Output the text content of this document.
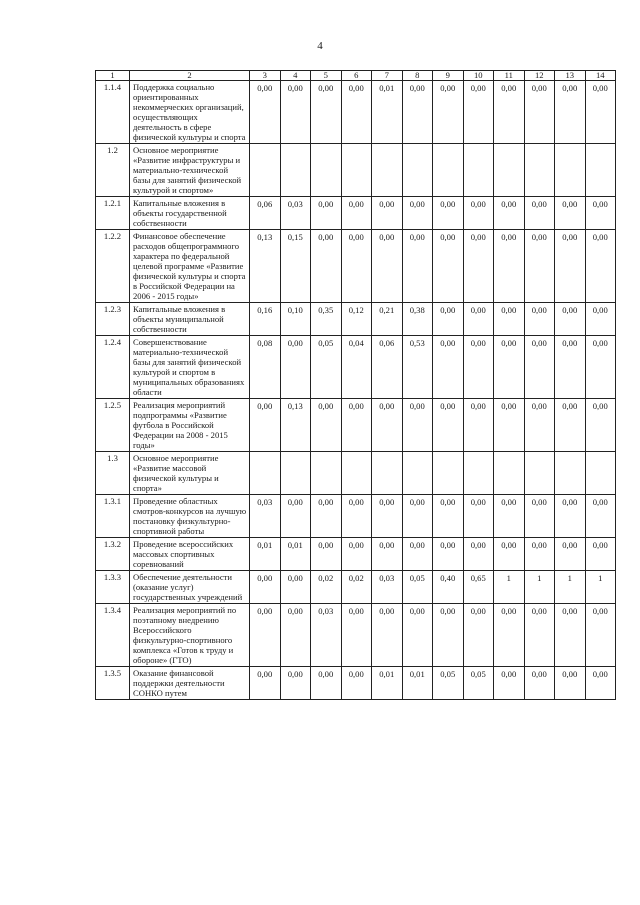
4
1	2	3	4	5	6	7	8	9	10	11	12	13	14
1.1.4	Поддержка социально ориентированных некоммерческих организаций, осуществляющих деятельность в сфере физической культуры и спорта	0,00	0,00	0,00	0,00	0,01	0,00	0,00	0,00	0,00	0,00	0,00	0,00
1.2	Основное мероприятие «Развитие инфраструктуры и материально-технической базы для занятий физической культурой и спортом»												
1.2.1	Капитальные вложения в объекты государственной собственности	0,06	0,03	0,00	0,00	0,00	0,00	0,00	0,00	0,00	0,00	0,00	0,00
1.2.2	Финансовое обеспечение расходов общепрограммного характера по федеральной целевой программе «Развитие физической культуры и спорта в Российской Федерации на 2006 - 2015 годы»	0,13	0,15	0,00	0,00	0,00	0,00	0,00	0,00	0,00	0,00	0,00	0,00
1.2.3	Капитальные вложения в объекты муниципальной собственности	0,16	0,10	0,35	0,12	0,21	0,38	0,00	0,00	0,00	0,00	0,00	0,00
1.2.4	Совершенствование материально-технической базы для занятий физической культурой и спортом в муниципальных образованиях области	0,08	0,00	0,05	0,04	0,06	0,53	0,00	0,00	0,00	0,00	0,00	0,00
1.2.5	Реализация мероприятий подпрограммы «Развитие футбола в Российской Федерации на 2008 - 2015 годы»	0,00	0,13	0,00	0,00	0,00	0,00	0,00	0,00	0,00	0,00	0,00	0,00
1.3	Основное мероприятие «Развитие массовой физической культуры и спорта»												
1.3.1	Проведение областных смотров-конкурсов на лучшую постановку физкультурно-спортивной работы	0,03	0,00	0,00	0,00	0,00	0,00	0,00	0,00	0,00	0,00	0,00	0,00
1.3.2	Проведение всероссийских массовых спортивных соревнований	0,01	0,01	0,00	0,00	0,00	0,00	0,00	0,00	0,00	0,00	0,00	0,00
1.3.3	Обеспечение деятельности (оказание услуг) государственных учреждений	0,00	0,00	0,02	0,02	0,03	0,05	0,40	0,65	1	1	1	1
1.3.4	Реализация мероприятий по поэтапному внедрению Всероссийского физкультурно-спортивного комплекса «Готов к труду и обороне» (ГТО)	0,00	0,00	0,03	0,00	0,00	0,00	0,00	0,00	0,00	0,00	0,00	0,00
1.3.5	Оказание финансовой поддержки деятельности СОНКО путем	0,00	0,00	0,00	0,00	0,01	0,01	0,05	0,05	0,00	0,00	0,00	0,00
